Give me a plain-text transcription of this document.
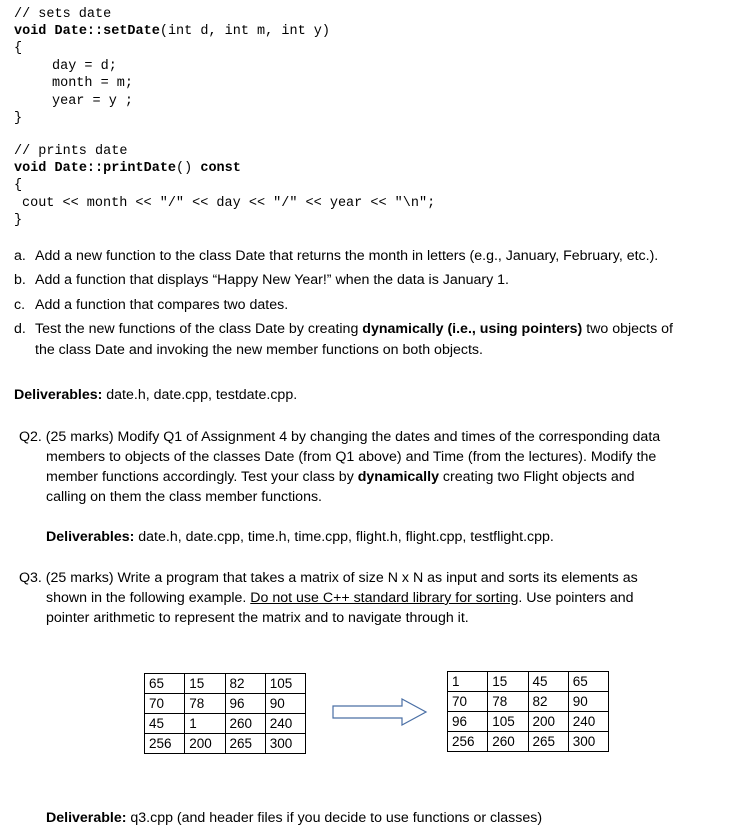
// sets date
void Date::setDate(int d, int m, int y)
{
day = d;
month = m;
year = y ;
}
// prints date
void Date::printDate() const
{
cout << month << "/" << day << "/" << year << "\n";
}
a. Add a new function to the class Date that returns the month in letters (e.g., January, February, etc.).
b. Add a function that displays “Happy New Year!” when the data is January 1.
c. Add a function that compares two dates.
d. Test the new functions of the class Date by creating dynamically (i.e., using pointers) two objects of
the class Date and invoking the new member functions on both objects.
Deliverables: date.h, date.cpp, testdate.cpp.
Q2. (25 marks) Modify Q1 of Assignment 4 by changing the dates and times of the corresponding data
members to objects of the classes Date (from Q1 above) and Time (from the lectures). Modify the
member functions accordingly. Test your class by dynamically creating two Flight objects and
calling on them the class member functions.
Deliverables: date.h, date.cpp, time.h, time.cpp, flight.h, flight.cpp, testflight.cpp.
Q3. (25 marks) Write a program that takes a matrix of size N x N as input and sorts its elements as
shown in the following example. Do not use C++ standard library for sorting. Use pointers and
pointer arithmetic to represent the matrix and to navigate through it.
65	15	82	105
70	78	96	90
45	1	260	240
256	200	265	300
1	15	45	65
70	78	82	90
96	105	200	240
256	260	265	300
Deliverable: q3.cpp (and header files if you decide to use functions or classes)
